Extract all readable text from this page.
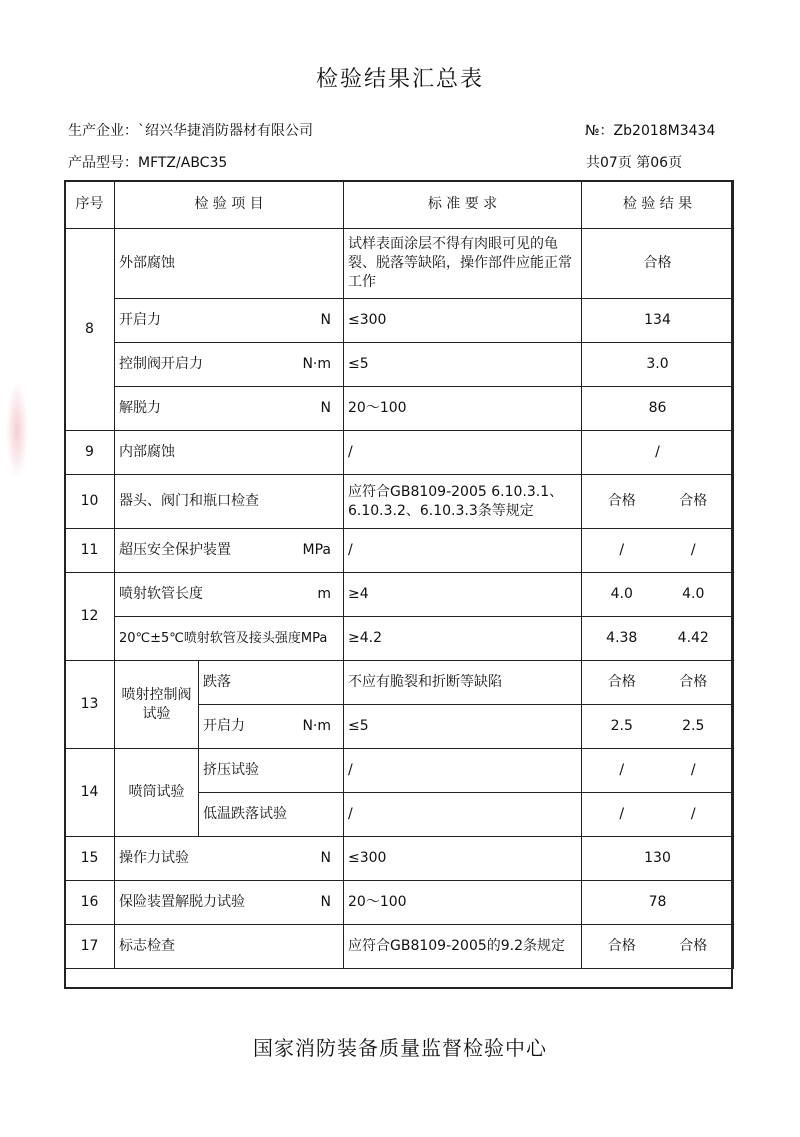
检验结果汇总表
生产企业：`绍兴华捷消防器材有限公司	№：Zb2018M3434
产品型号：MFTZ/ABC35	共07页 第06页
序号	检 验 项 目		标 准 要 求	检 验 结 果
8	外部腐蚀		试样表面涂层不得有肉眼可见的龟裂、脱落等缺陷，操作部件应能正常工作	合格

	开启力 N		≤300	134

	控制阀开启力 N·m		≤5	3.0

	解脱力 N		20～100	86
9	内部腐蚀		/	/
10	器头、阀门和瓶口检查		应符合GB8109-2005 6.10.3.1、6.10.3.2、6.10.3.3条等规定	合格 合格

11	超压安全保护装置 MPa		/	/ /

12	喷射软管长度 m		≥4	4.0 4.0

	20℃±5℃喷射软管及接头强度MPa		≥4.2	4.38 4.42

13	喷射控制阀试验	跌落	不应有脆裂和折断等缺陷	合格 合格

		开启力 N·m	≤5	2.5 2.5

14	喷筒试验	挤压试验	/	/ /

		低温跌落试验	/	/ /

15	操作力试验 N		≤300	130
16	保险装置解脱力试验 N		20～100	78
17	标志检查		应符合GB8109-2005的9.2条规定	合格 合格
国家消防装备质量监督检验中心
